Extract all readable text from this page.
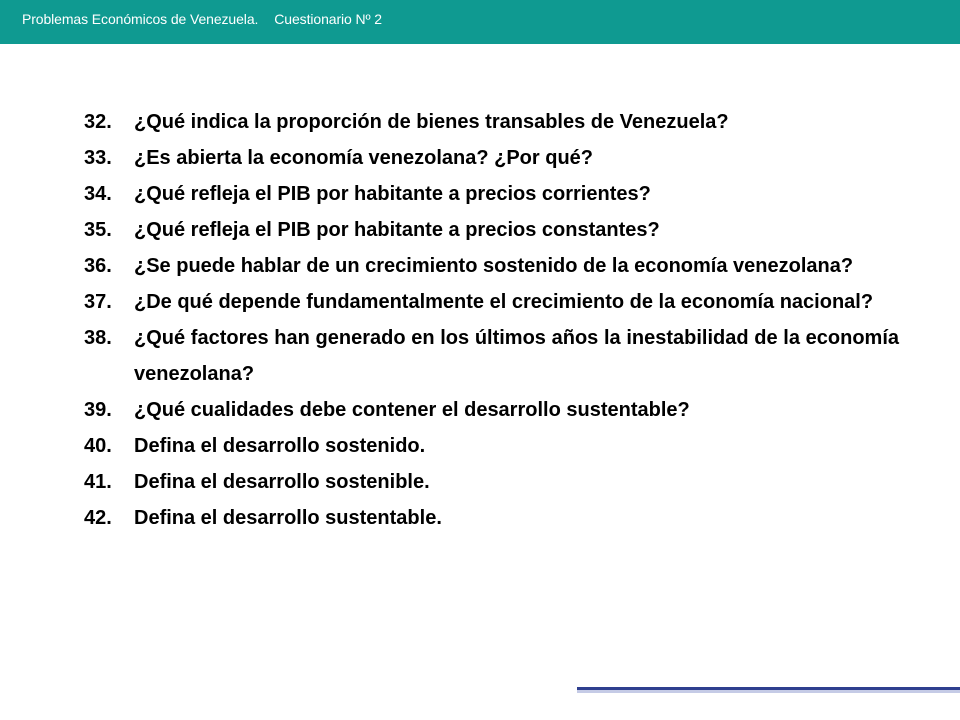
Problemas Económicos de Venezuela. Cuestionario Nº 2
32.	¿Qué indica la proporción de bienes transables de Venezuela?
33.	¿Es abierta la economía venezolana? ¿Por qué?
34.	¿Qué refleja el PIB por habitante a precios corrientes?
35.	¿Qué refleja el PIB por habitante a precios constantes?
36.	¿Se puede hablar de un crecimiento sostenido de la economía venezolana?
37.	¿De qué depende fundamentalmente el crecimiento de la economía nacional?
38.	¿Qué factores han generado en los últimos años la inestabilidad de la economía venezolana?
39.	¿Qué cualidades debe contener el desarrollo sustentable?
40.	Defina el desarrollo sostenido.
41.	Defina el desarrollo sostenible.
42.	Defina el desarrollo sustentable.
